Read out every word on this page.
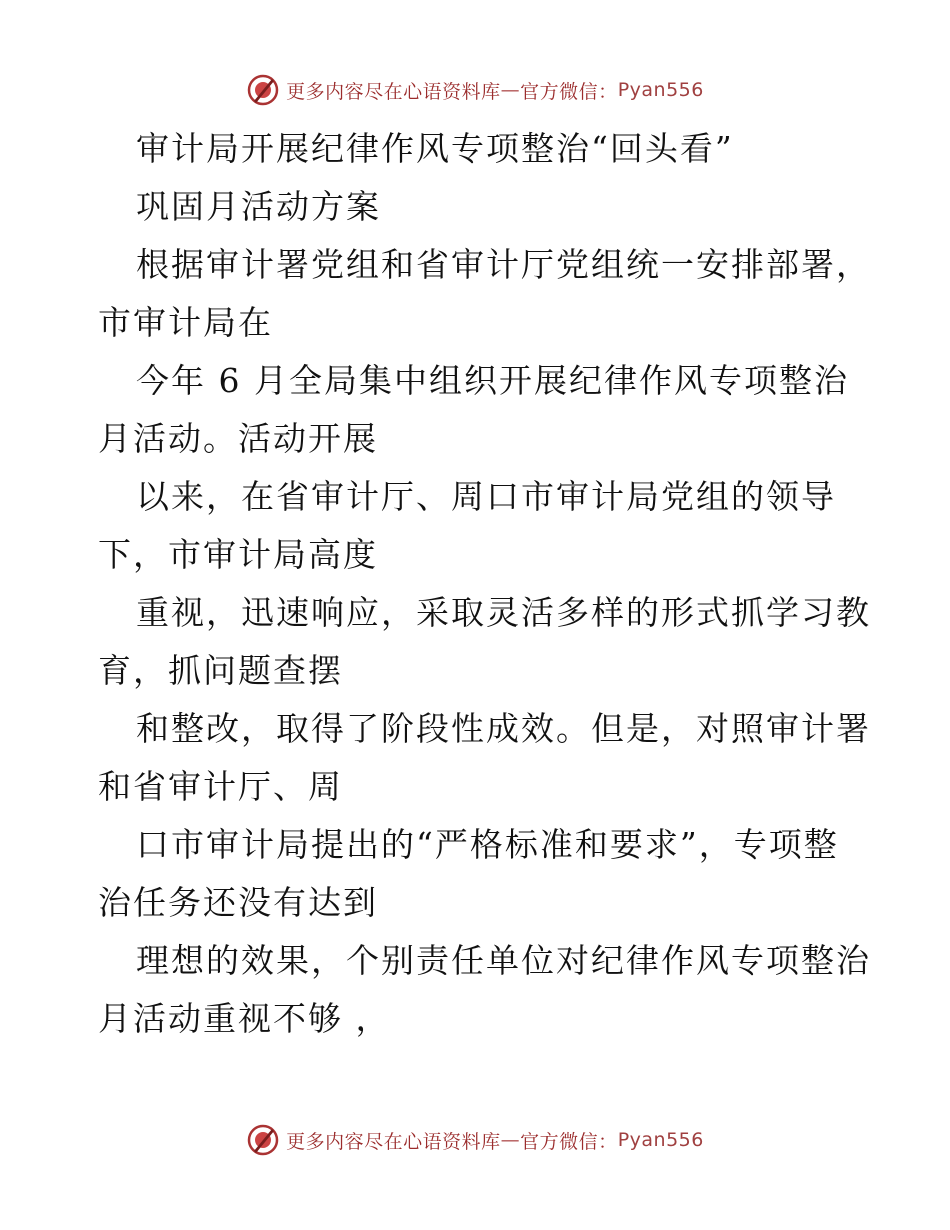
更多内容尽在心语资料库 — 官方微信： Pyan556
审计局开展纪律作风专项整治“回头看”
巩固月活动方案
根据审计署党组和省审计厅党组统一安排部署，
市审计局在
今年 6 月全局集中组织开展纪律作风专项整治
月活动。活动开展
以来，在省审计厅、周口市审计局党组的领导
下，市审计局高度
重视，迅速响应，采取灵活多样的形式抓学习教
育，抓问题查摆
和整改，取得了阶段性成效。但是，对照审计署
和省审计厅、周
口市审计局提出的“严格标准和要求”，专项整
治任务还没有达到
理想的效果，个别责任单位对纪律作风专项整治
月活动重视不够 ，
更多内容尽在心语资料库 — 官方微信： Pyan556
